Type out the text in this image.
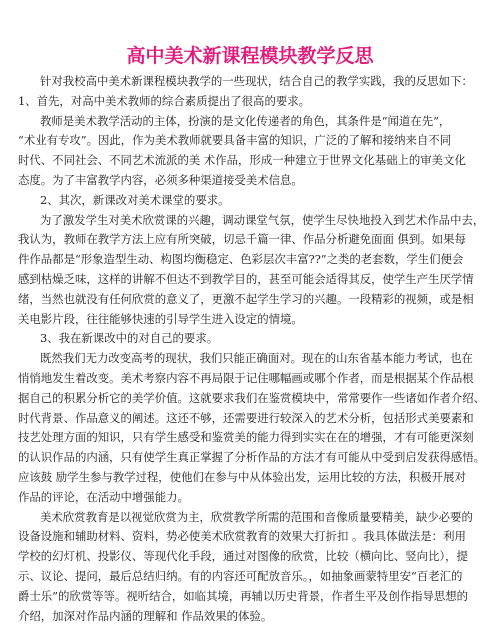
高中美术新课程模块教学反思
针对我校高中美术新课程模块教学的一些现状，结合自己的教学实践，我的反思如下：
1、首先，对高中美术教师的综合素质提出了很高的要求。
教师是美术教学活动的主体，扮演的是文化传递者的角色，其条件是“闻道在先”，
“术业有专攻”。因此，作为美术教师就要具备丰富的知识，广泛的了解和接纳来自不同
时代、不同社会、不同艺术流派的美 术作品，形成一种建立于世界文化基础上的审美文化
态度。为了丰富教学内容，必须多种渠道接受美术信息。
2、其次，新课改对美术课堂的要求。
为了激发学生对美术欣赏课的兴趣，调动课堂气氛，使学生尽快地投入到艺术作品中去，
我认为，教师在教学方法上应有所突破，切忌千篇一律、作品分析避免面面 俱到。如果每
件作品都是“形象造型生动、构图均衡稳定、色彩层次丰富??”之类的老套数，学生们便会
感到枯燥乏味，这样的讲解不但达不到教学目的，甚至可能会适得其反，使学生产生厌学情
绪，当然也就没有任何欣赏的意义了，更激不起学生学习的兴趣。一段精彩的视频，或是相
关电影片段，往往能够快速的引导学生进入设定的情境。
3、我在新课改中的对自己的要求。
既然我们无力改变高考的现状，我们只能正确面对。现在的山东省基本能力考试，也在
悄悄地发生着改变。美术考察内容不再局限于记住哪幅画或哪个作者，而是根据某个作品根
据自己的积累分析它的美学价值。这就要求我们在鉴赏模块中，常常要作一些诸如作者介绍、
时代背景、作品意义的阐述。这还不够，还需要进行较深入的艺术分析，包括形式美要素和
技艺处理方面的知识，只有学生感受和鉴赏美的能力得到实实在在的增强，才有可能更深刻
的认识作品的内涵，只有使学生真正掌握了分析作品的方法才有可能从中受到启发获得感悟。
应该鼓 励学生参与教学过程，使他们在参与中从体验出发，运用比较的方法，积极开展对
作品的评论，在活动中增强能力。
美术欣赏教育是以视觉欣赏为主，欣赏教学所需的范围和音像质量要精美，缺少必要的
设备设施和辅助材料、资料，势必使美术欣赏教育的效果大打折扣 。我具体做法是：利用
学校的幻灯机、投影仪、等现代化手段，通过对图像的欣赏，比较（横向比、竖向比），提
示、议论、提问，最后总结归纳。有的内容还可配放音乐。，如抽象画蒙特里安“百老汇的
爵士乐”的欣赏等等。视听结合，如临其境，再辅以历史背景，作者生平及创作指导思想的
介绍，加深对作品内涵的理解和 作品效果的体验。
